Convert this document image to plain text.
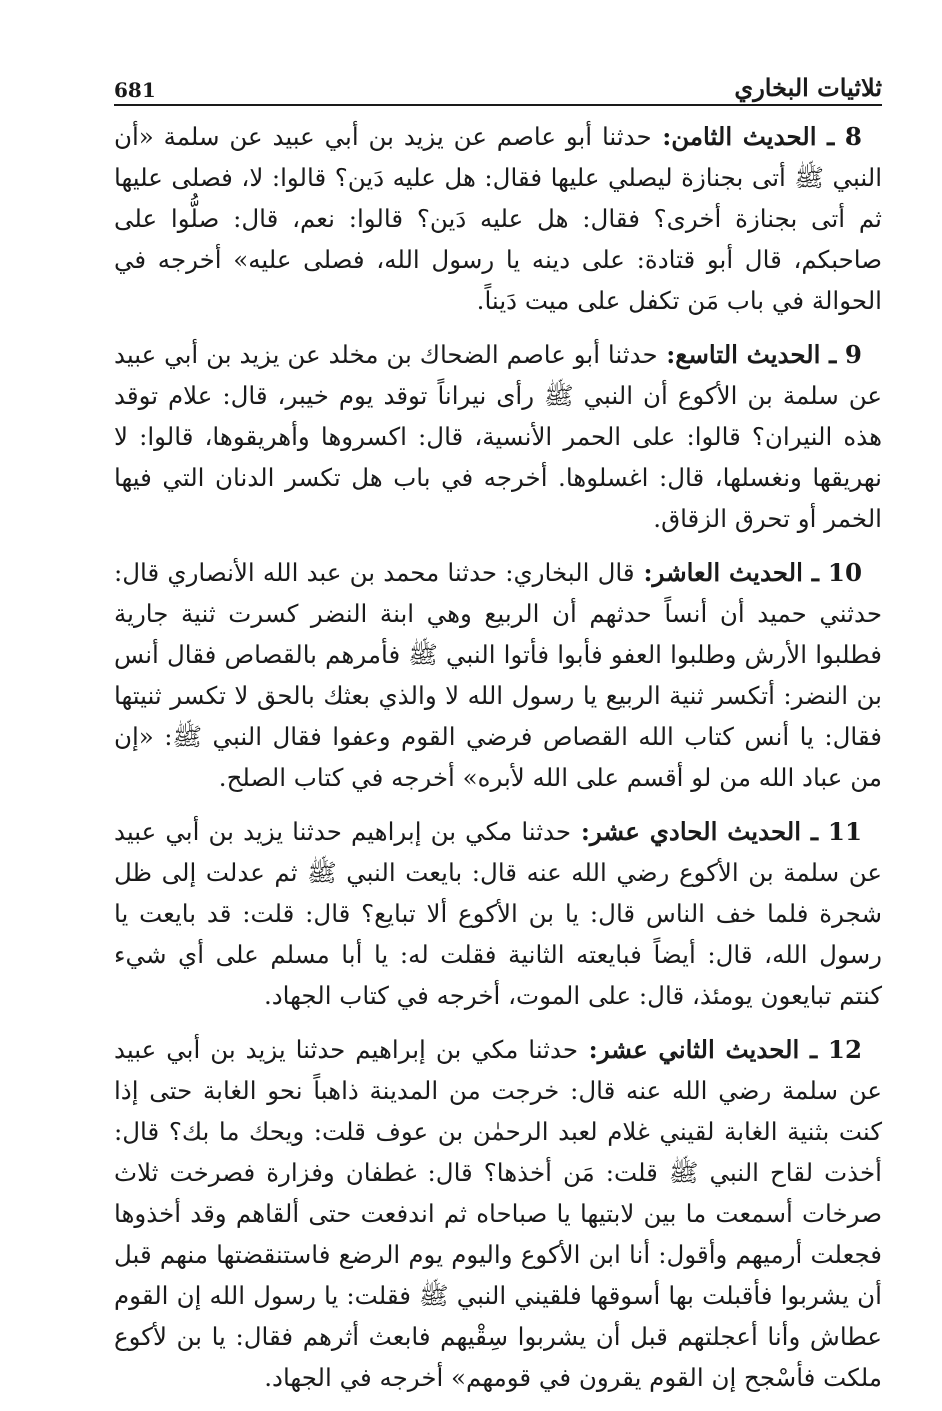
ثلاثيات البخاري
681

8 ـ الحديث الثامن: حدثنا أبو عاصم عن يزيد بن أبي عبيد عن سلمة «أن النبي ﷺ أتى بجنازة ليصلي عليها فقال: هل عليه دَين؟ قالوا: لا، فصلى عليها ثم أتى بجنازة أخرى؟ فقال: هل عليه دَين؟ قالوا: نعم، قال: صلُّوا على صاحبكم، قال أبو قتادة: على دينه يا رسول الله، فصلى عليه» أخرجه في الحوالة في باب مَن تكفل على ميت دَيناً.

9 ـ الحديث التاسع: حدثنا أبو عاصم الضحاك بن مخلد عن يزيد بن أبي عبيد عن سلمة بن الأكوع أن النبي ﷺ رأى نيراناً توقد يوم خيبر، قال: علام توقد هذه النيران؟ قالوا: على الحمر الأنسية، قال: اكسروها وأهريقوها، قالوا: لا نهريقها ونغسلها، قال: اغسلوها. أخرجه في باب هل تكسر الدنان التي فيها الخمر أو تحرق الزقاق.

10 ـ الحديث العاشر: قال البخاري: حدثنا محمد بن عبد الله الأنصاري قال: حدثني حميد أن أنساً حدثهم أن الربيع وهي ابنة النضر كسرت ثنية جارية فطلبوا الأرش وطلبوا العفو فأبوا فأتوا النبي ﷺ فأمرهم بالقصاص فقال أنس بن النضر: أتكسر ثنية الربيع يا رسول الله لا والذي بعثك بالحق لا تكسر ثنيتها فقال: يا أنس كتاب الله القصاص فرضي القوم وعفوا فقال النبي ﷺ: «إن من عباد الله من لو أقسم على الله لأبره» أخرجه في كتاب الصلح.

11 ـ الحديث الحادي عشر: حدثنا مكي بن إبراهيم حدثنا يزيد بن أبي عبيد عن سلمة بن الأكوع رضي الله عنه قال: بايعت النبي ﷺ ثم عدلت إلى ظل شجرة فلما خف الناس قال: يا بن الأكوع ألا تبايع؟ قال: قلت: قد بايعت يا رسول الله، قال: أيضاً فبايعته الثانية فقلت له: يا أبا مسلم على أي شيء كنتم تبايعون يومئذ، قال: على الموت، أخرجه في كتاب الجهاد.

12 ـ الحديث الثاني عشر: حدثنا مكي بن إبراهيم حدثنا يزيد بن أبي عبيد عن سلمة رضي الله عنه قال: خرجت من المدينة ذاهباً نحو الغابة حتى إذا كنت بثنية الغابة لقيني غلام لعبد الرحمٰن بن عوف قلت: ويحك ما بك؟ قال: أخذت لقاح النبي ﷺ قلت: مَن أخذها؟ قال: غطفان وفزارة فصرخت ثلاث صرخات أسمعت ما بين لابتيها يا صباحاه ثم اندفعت حتى ألقاهم وقد أخذوها فجعلت أرميهم وأقول: أنا ابن الأكوع واليوم يوم الرضع فاستنقضتها منهم قبل أن يشربوا فأقبلت بها أسوقها فلقيني النبي ﷺ فقلت: يا رسول الله إن القوم عطاش وأنا أعجلتهم قبل أن يشربوا سِقْيهم فابعث أثرهم فقال: يا بن لأكوع ملكت فأسْجح إن القوم يقرون في قومهم» أخرجه في الجهاد.
